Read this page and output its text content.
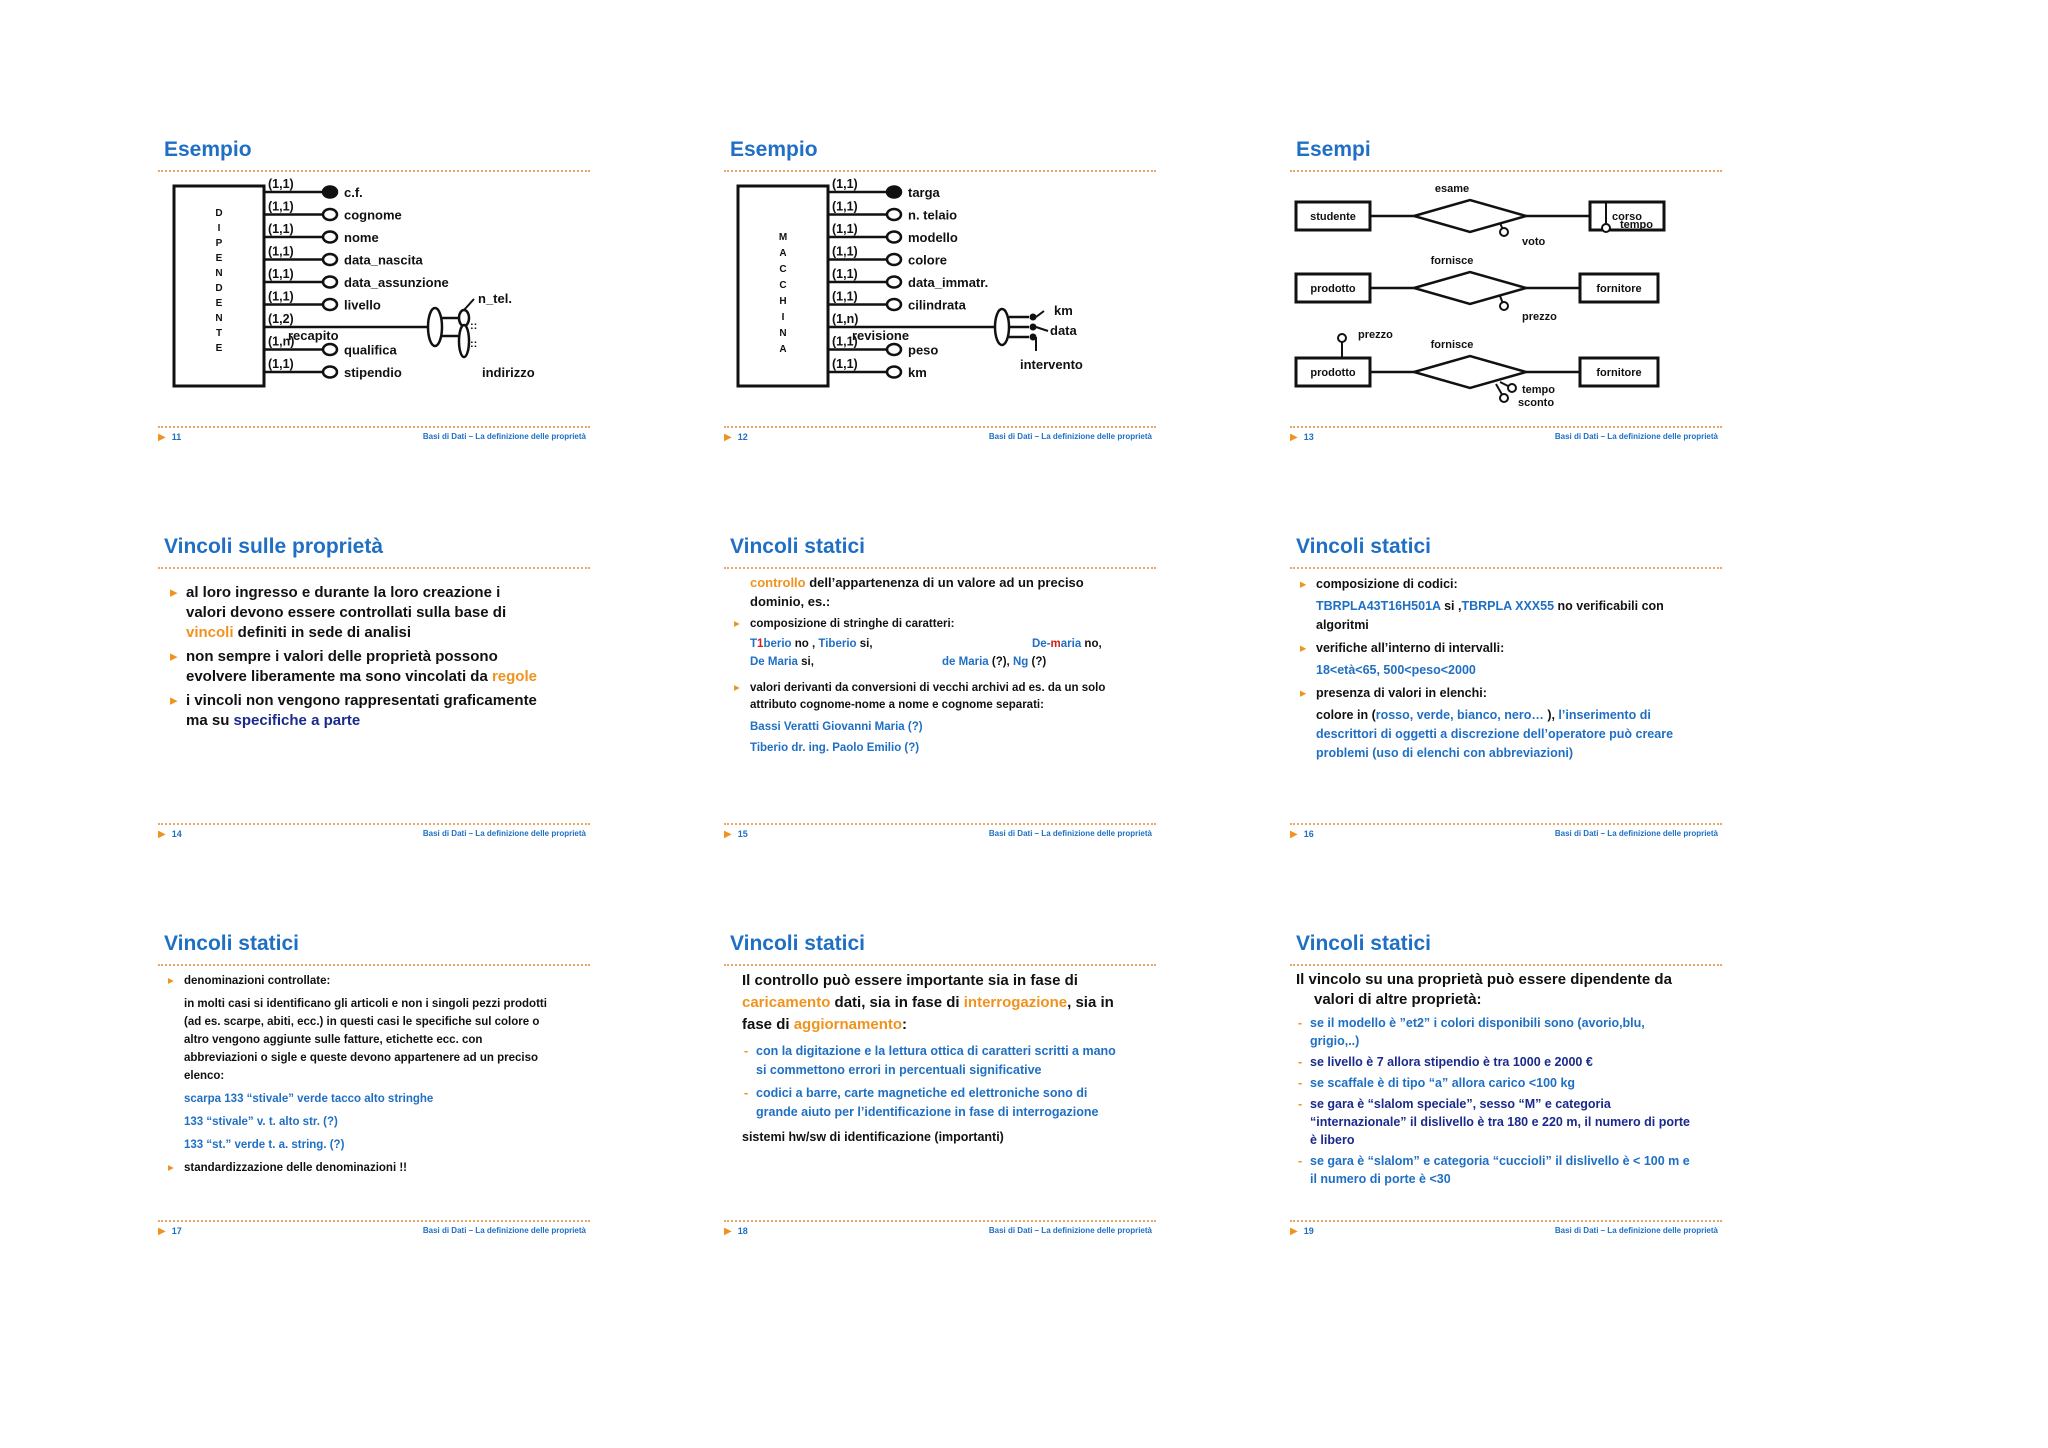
Esempio
D
I
P
E
N
D
E
N
T
E
(1,1)
c.f.
(1,1)
cognome
(1,1)
nome
(1,1)
data_nascita
(1,1)
data_assunzione
(1,1)
livello
(1,2)
recapito
(1,n)
qualifica
(1,1)
stipendio
n_tel.
::
::
indirizzo
▶ 11	Basi di Dati – La definizione delle proprietà
Esempio
M
A
C
C
H
I
N
A
(1,1)
targa
(1,1)
n. telaio
(1,1)
modello
(1,1)
colore
(1,1)
data_immatr.
(1,1)
cilindrata
(1,n)
revisione
(1,1)
peso
(1,1)
km
km
data
intervento
▶ 12	Basi di Dati – La definizione delle proprietà
Esempi
studente	corso
esame
voto
tempo
prodotto	fornitore
fornisce
prezzo
prodotto	fornitore
fornisce
prezzo
tempo
sconto
▶ 13	Basi di Dati – La definizione delle proprietà
Vincoli sulle proprietà

▸ al loro ingresso e durante la loro creazione i valori devono essere controllati sulla base di vincoli definiti in sede di analisi

▸ non sempre i valori delle proprietà possono evolvere liberamente ma sono vincolati da regole

▸ i vincoli non vengono rappresentati graficamente ma su specifiche a parte

▶ 14	Basi di Dati – La definizione delle proprietà
Vincoli statici

controllo dell’appartenenza di un valore ad un preciso dominio, es.:

▸ composizione di stringhe di caratteri:

T1berio no , Tiberio si,	De-maria no,
De Maria si,	de Maria (?), Ng (?)

▸ valori derivanti da conversioni di vecchi archivi ad es. da un solo attributo cognome-nome a nome e cognome separati:

Bassi Veratti Giovanni Maria (?)

Tiberio dr. ing. Paolo Emilio (?)

▶ 15	Basi di Dati – La definizione delle proprietà
Vincoli statici

▸ composizione di codici:

TBRPLA43T16H501A si ,TBRPLA XXX55 no verificabili con algoritmi

▸ verifiche all’interno di intervalli:

18<età<65, 500<peso<2000

▸ presenza di valori in elenchi:

colore in (rosso, verde, bianco, nero… ), l’inserimento di descrittori di oggetti a discrezione dell’operatore può creare problemi (uso di elenchi con abbreviazioni)

▶ 16	Basi di Dati – La definizione delle proprietà
Vincoli statici

▸ denominazioni controllate:

in molti casi si identificano gli articoli e non i singoli pezzi prodotti (ad es. scarpe, abiti, ecc.) in questi casi le specifiche sul colore o altro vengono aggiunte sulle fatture, etichette ecc. con abbreviazioni o sigle e queste devono appartenere ad un preciso elenco:

scarpa 133 “stivale” verde tacco alto stringhe

133 “stivale” v. t. alto str. (?)

133 “st.” verde t. a. string. (?)

▸ standardizzazione delle denominazioni !!

▶ 17	Basi di Dati – La definizione delle proprietà
Vincoli statici

Il controllo può essere importante sia in fase di caricamento dati, sia in fase di interrogazione, sia in fase di aggiornamento:

- con la digitazione e la lettura ottica di caratteri scritti a mano si commettono errori in percentuali significative

- codici a barre, carte magnetiche ed elettroniche sono di grande aiuto per l’identificazione in fase di interrogazione

sistemi hw/sw di identificazione (importanti)

▶ 18	Basi di Dati – La definizione delle proprietà
Vincoli statici

Il vincolo su una proprietà può essere dipendente da valori di altre proprietà:

- se il modello è ”et2” i colori disponibili sono (avorio,blu, grigio,..)

- se livello è 7 allora stipendio è tra 1000 e 2000 €

- se scaffale è di tipo “a” allora carico <100 kg

- se gara è “slalom speciale”, sesso “M” e categoria “internazionale” il dislivello è tra 180 e 220 m, il numero di porte è libero

- se gara è “slalom” e categoria “cuccioli” il dislivello è < 100 m e il numero di porte è <30

▶ 19	Basi di Dati – La definizione delle proprietà
